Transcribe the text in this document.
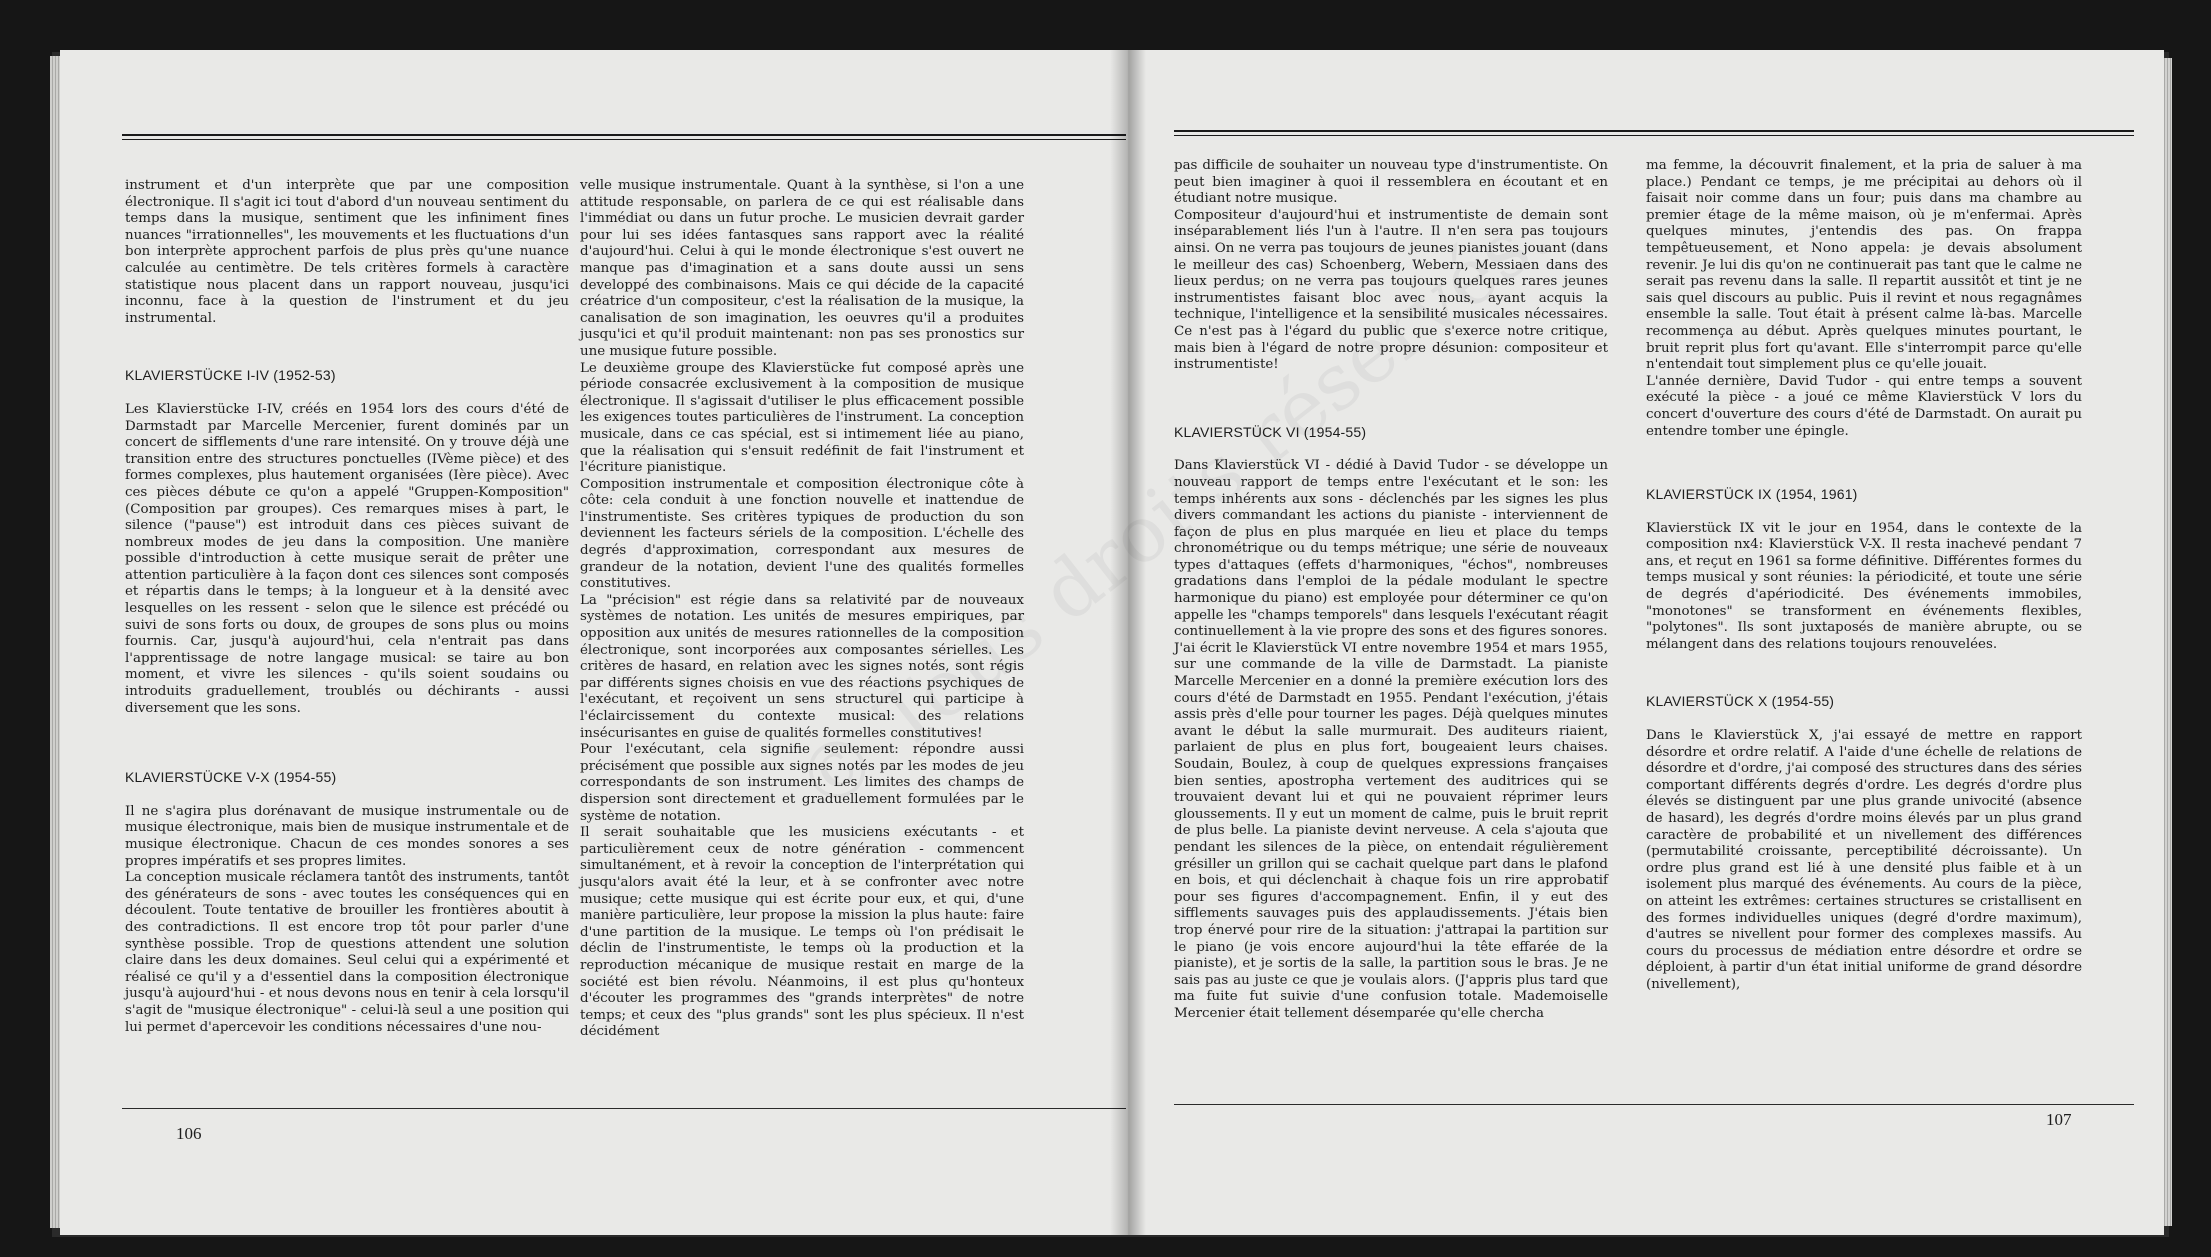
instrument et d'un interprète que par une composition électronique. Il s'agit ici tout d'abord d'un nouveau sentiment du temps dans la musique, sentiment que les infiniment fines nuances "irrationnelles", les mouvements et les fluctuations d'un bon interprète approchent parfois de plus près qu'une nuance calculée au centimètre. De tels critères formels à caractère statistique nous placent dans un rapport nouveau, jusqu'ici inconnu, face à la question de l'instrument et du jeu instrumental.

KLAVIERSTÜCKE I-IV (1952-53)

Les Klavierstücke I-IV, créés en 1954 lors des cours d'été de Darmstadt par Marcelle Mercenier, furent dominés par un concert de sifflements d'une rare intensité. On y trouve déjà une transition entre des structures ponctuelles (IVème pièce) et des formes complexes, plus hautement organisées (Ière pièce). Avec ces pièces débute ce qu'on a appelé "Gruppen-Komposition" (Composition par groupes). Ces remarques mises à part, le silence ("pause") est introduit dans ces pièces suivant de nombreux modes de jeu dans la composition. Une manière possible d'introduction à cette musique serait de prêter une attention particulière à la façon dont ces silences sont composés et répartis dans le temps; à la longueur et à la densité avec lesquelles on les ressent - selon que le silence est précédé ou suivi de sons forts ou doux, de groupes de sons plus ou moins fournis. Car, jusqu'à aujourd'hui, cela n'entrait pas dans l'apprentissage de notre langage musical: se taire au bon moment, et vivre les silences - qu'ils soient soudains ou introduits graduellement, troublés ou déchirants - aussi diversement que les sons.

KLAVIERSTÜCKE V-X (1954-55)

Il ne s'agira plus dorénavant de musique instrumentale ou de musique électronique, mais bien de musique instrumentale et de musique électronique. Chacun de ces mondes sonores a ses propres impératifs et ses propres limites.

La conception musicale réclamera tantôt des instruments, tantôt des générateurs de sons - avec toutes les conséquences qui en découlent. Toute tentative de brouiller les frontières aboutit à des contradictions. Il est encore trop tôt pour parler d'une synthèse possible. Trop de questions attendent une solution claire dans les deux domaines. Seul celui qui a expérimenté et réalisé ce qu'il y a d'essentiel dans la composition électronique jusqu'à aujourd'hui - et nous devons nous en tenir à cela lorsqu'il s'agit de "musique électronique" - celui-là seul a une position qui lui permet d'apercevoir les conditions nécessaires d'une nou-

velle musique instrumentale. Quant à la synthèse, si l'on a une attitude responsable, on parlera de ce qui est réalisable dans l'immédiat ou dans un futur proche. Le musicien devrait garder pour lui ses idées fantasques sans rapport avec la réalité d'aujourd'hui. Celui à qui le monde électronique s'est ouvert ne manque pas d'imagination et a sans doute aussi un sens developpé des combinaisons. Mais ce qui décide de la capacité créatrice d'un compositeur, c'est la réalisation de la musique, la canalisation de son imagination, les oeuvres qu'il a produites jusqu'ici et qu'il produit maintenant: non pas ses pronostics sur une musique future possible.

Le deuxième groupe des Klavierstücke fut composé après une période consacrée exclusivement à la composition de musique électronique. Il s'agissait d'utiliser le plus efficacement possible les exigences toutes particulières de l'instrument. La conception musicale, dans ce cas spécial, est si intimement liée au piano, que la réalisation qui s'ensuit redéfinit de fait l'instrument et l'écriture pianistique.

Composition instrumentale et composition électronique côte à côte: cela conduit à une fonction nouvelle et inattendue de l'instrumentiste. Ses critères typiques de production du son deviennent les facteurs sériels de la composition. L'échelle des degrés d'approximation, correspondant aux mesures de grandeur de la notation, devient l'une des qualités formelles constitutives.

La "précision" est régie dans sa relativité par de nouveaux systèmes de notation. Les unités de mesures empiriques, par opposition aux unités de mesures rationnelles de la composition électronique, sont incorporées aux composantes sérielles. Les critères de hasard, en relation avec les signes notés, sont régis par différents signes choisis en vue des réactions psychiques de l'exécutant, et reçoivent un sens structurel qui participe à l'éclaircissement du contexte musical: des relations insécurisantes en guise de qualités formelles constitutives!

Pour l'exécutant, cela signifie seulement: répondre aussi précisément que possible aux signes notés par les modes de jeu correspondants de son instrument. Les limites des champs de dispersion sont directement et graduellement formulées par le système de notation.

Il serait souhaitable que les musiciens exécutants - et particulièrement ceux de notre génération - commencent simultanément, et à revoir la conception de l'interprétation qui jusqu'alors avait été la leur, et à se confronter avec notre musique; cette musique qui est écrite pour eux, et qui, d'une manière particulière, leur propose la mission la plus haute: faire d'une partition de la musique. Le temps où l'on prédisait le déclin de l'instrumentiste, le temps où la production et la reproduction mécanique de musique restait en marge de la société est bien révolu. Néanmoins, il est plus qu'honteux d'écouter les programmes des "grands interprètes" de notre temps; et ceux des "plus grands" sont les plus spécieux. Il n'est décidément

106

pas difficile de souhaiter un nouveau type d'instrumentiste. On peut bien imaginer à quoi il ressemblera en écoutant et en étudiant notre musique.

Compositeur d'aujourd'hui et instrumentiste de demain sont inséparablement liés l'un à l'autre. Il n'en sera pas toujours ainsi. On ne verra pas toujours de jeunes pianistes jouant (dans le meilleur des cas) Schoenberg, Webern, Messiaen dans des lieux perdus; on ne verra pas toujours quelques rares jeunes instrumentistes faisant bloc avec nous, ayant acquis la technique, l'intelligence et la sensibilité musicales nécessaires. Ce n'est pas à l'égard du public que s'exerce notre critique, mais bien à l'égard de notre propre désunion: compositeur et instrumentiste!

KLAVIERSTÜCK VI (1954-55)

Dans Klavierstück VI - dédié à David Tudor - se développe un nouveau rapport de temps entre l'exécutant et le son: les temps inhérents aux sons - déclenchés par les signes les plus divers commandant les actions du pianiste - interviennent de façon de plus en plus marquée en lieu et place du temps chronométrique ou du temps métrique; une série de nouveaux types d'attaques (effets d'harmoniques, "échos", nombreuses gradations dans l'emploi de la pédale modulant le spectre harmonique du piano) est employée pour déterminer ce qu'on appelle les "champs temporels" dans lesquels l'exécutant réagit continuellement à la vie propre des sons et des figures sonores.

J'ai écrit le Klavierstück VI entre novembre 1954 et mars 1955, sur une commande de la ville de Darmstadt. La pianiste Marcelle Mercenier en a donné la première exécution lors des cours d'été de Darmstadt en 1955. Pendant l'exécution, j'étais assis près d'elle pour tourner les pages. Déjà quelques minutes avant le début la salle murmurait. Des auditeurs riaient, parlaient de plus en plus fort, bougeaient leurs chaises. Soudain, Boulez, à coup de quelques expressions françaises bien senties, apostropha vertement des auditrices qui se trouvaient devant lui et qui ne pouvaient réprimer leurs gloussements. Il y eut un moment de calme, puis le bruit reprit de plus belle. La pianiste devint nerveuse. A cela s'ajouta que pendant les silences de la pièce, on entendait régulièrement grésiller un grillon qui se cachait quelque part dans le plafond en bois, et qui déclenchait à chaque fois un rire approbatif pour ses figures d'accompagnement. Enfin, il y eut des sifflements sauvages puis des applaudissements. J'étais bien trop énervé pour rire de la situation: j'attrapai la partition sur le piano (je vois encore aujourd'hui la tête effarée de la pianiste), et je sortis de la salle, la partition sous le bras. Je ne sais pas au juste ce que je voulais alors. (J'appris plus tard que ma fuite fut suivie d'une confusion totale. Mademoiselle Mercenier était tellement désemparée qu'elle chercha

ma femme, la découvrit finalement, et la pria de saluer à ma place.) Pendant ce temps, je me précipitai au dehors où il faisait noir comme dans un four; puis dans ma chambre au premier étage de la même maison, où je m'enfermai. Après quelques minutes, j'entendis des pas. On frappa tempêtueusement, et Nono appela: je devais absolument revenir. Je lui dis qu'on ne continuerait pas tant que le calme ne serait pas revenu dans la salle. Il repartit aussitôt et tint je ne sais quel discours au public. Puis il revint et nous regagnâmes ensemble la salle. Tout était à présent calme là-bas. Marcelle recommença au début. Après quelques minutes pourtant, le bruit reprit plus fort qu'avant. Elle s'interrompit parce qu'elle n'entendait tout simplement plus ce qu'elle jouait.

L'année dernière, David Tudor - qui entre temps a souvent exécuté la pièce - a joué ce même Klavierstück V lors du concert d'ouverture des cours d'été de Darmstadt. On aurait pu entendre tomber une épingle.

KLAVIERSTÜCK IX (1954, 1961)

Klavierstück IX vit le jour en 1954, dans le contexte de la composition nx4: Klavierstück V-X. Il resta inachevé pendant 7 ans, et reçut en 1961 sa forme définitive. Différentes formes du temps musical y sont réunies: la périodicité, et toute une série de degrés d'apériodicité. Des événements immobiles, "monotones" se transforment en événements flexibles, "polytones". Ils sont juxtaposés de manière abrupte, ou se mélangent dans des relations toujours renouvelées.

KLAVIERSTÜCK X (1954-55)

Dans le Klavierstück X, j'ai essayé de mettre en rapport désordre et ordre relatif. A l'aide d'une échelle de relations de désordre et d'ordre, j'ai composé des structures dans des séries comportant différents degrés d'ordre. Les degrés d'ordre plus élevés se distinguent par une plus grande univocité (absence de hasard), les degrés d'ordre moins élevés par un plus grand caractère de probabilité et un nivellement des différences (permutabilité croissante, perceptibilité décroissante). Un ordre plus grand est lié à une densité plus faible et à un isolement plus marqué des événements. Au cours de la pièce, on atteint les extrêmes: certaines structures se cristallisent en des formes individuelles uniques (degré d'ordre maximum), d'autres se nivellent pour former des complexes massifs. Au cours du processus de médiation entre désordre et ordre se déploient, à partir d'un état initial uniforme de grand désordre (nivellement),

107
